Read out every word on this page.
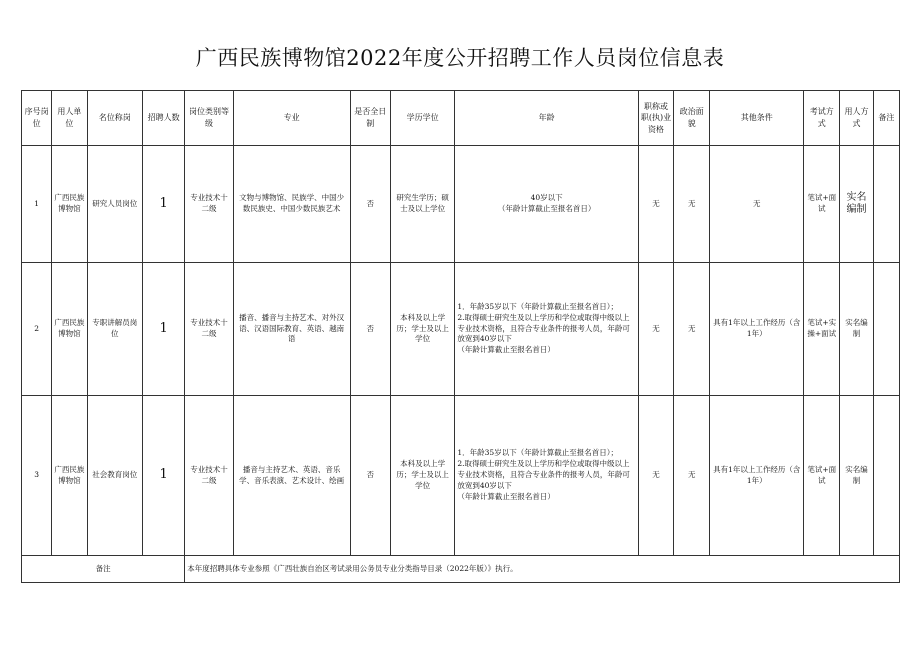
广西民族博物馆2022年度公开招聘工作人员岗位信息表
序号岗位	用人单位	名位称岗	招聘人数	岗位类别等级	专业	是否全日制	学历学位	年龄	职称或职(执)业资格	政治面貌	其他条件	考试方式	用人方式	备注
1	广西民族博物馆	研究人员岗位	1	专业技术十二级	文物与博物馆、民族学、中国少数民族史、中国少数民族艺术	否	研究生学历；硕士及以上学位	40岁以下
（年龄计算截止至报名首日）	无	无	无	笔试+面试	实名编制	
2	广西民族博物馆	专职讲解员岗位	1	专业技术十二级	播音、播音与主持艺术、对外汉语、汉语国际教育、英语、越南语	否	本科及以上学历；学士及以上学位	1．年龄35岁以下（年龄计算截止至报名首日）；
2.取得硕士研究生及以上学历和学位或取得中级以上专业技术资格，且符合专业条件的报考人员，年龄可放宽到40岁以下
（年龄计算截止至报名首日）	无	无	具有1年以上工作经历（含1年）	笔试+实操+面试	实名编制	
3	广西民族博物馆	社会教育岗位	1	专业技术十二级	播音与主持艺术、英语、音乐学、音乐表演、艺术设计、绘画	否	本科及以上学历；学士及以上学位	1．年龄35岁以下（年龄计算截止至报名首日）；
2.取得硕士研究生及以上学历和学位或取得中级以上专业技术资格，且符合专业条件的报考人员，年龄可放宽到40岁以下
（年龄计算截止至报名首日）	无	无	具有1年以上工作经历（含1年）	笔试+面试	实名编制	
备注				本年度招聘具体专业参照《广西壮族自治区考试录用公务员专业分类指导目录（2022年版）》执行。										
